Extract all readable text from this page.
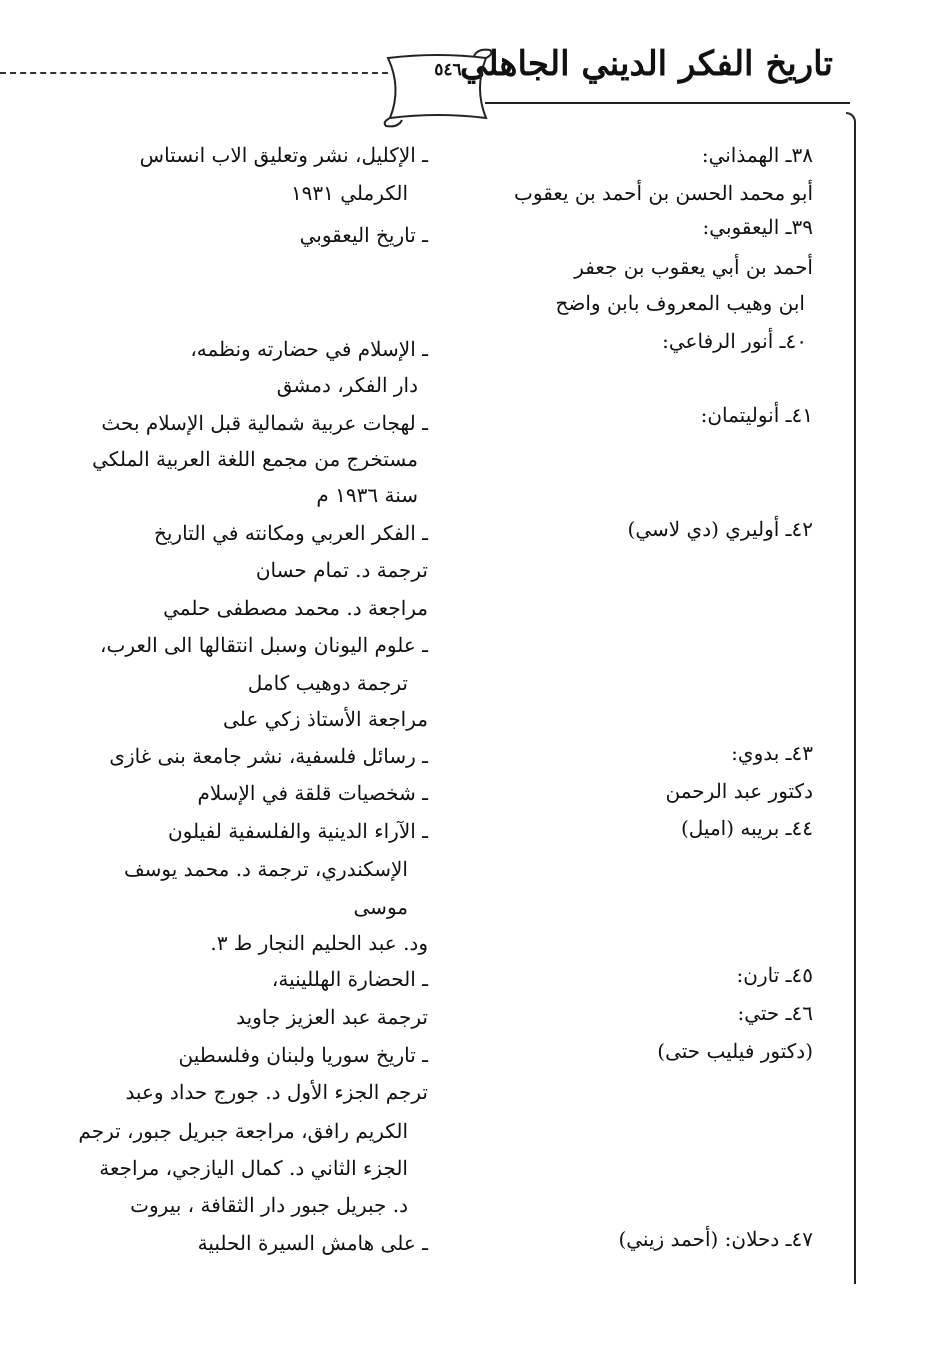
تاريخ الفكر الديني الجاهلي
٥٤٦
٣٨ـ الهمذاني:
أبو محمد الحسن بن أحمد بن يعقوب
ـ الإكليل، نشر وتعليق الاب انستاس
الكرملي ١٩٣١
ـ تاريخ اليعقوبي	٣٩ـ اليعقوبي:
أحمد بن أبي يعقوب بن جعفر
ابن وهيب المعروف بابن واضح
٤٠ـ أنور الرفاعي:
ـ الإسلام في حضارته ونظمه،
دار الفكر، دمشق
٤١ـ أنوليتمان:
ـ لهجات عربية شمالية قبل الإسلام بحث
مستخرج من مجمع اللغة العربية الملكي
سنة ١٩٣٦ م
٤٢ـ أوليري (دي لاسي)
ـ الفكر العربي ومكانته في التاريخ
ترجمة د. تمام حسان
مراجعة د. محمد مصطفى حلمي
ـ علوم اليونان وسبل انتقالها الى العرب،
ترجمة دوهيب كامل
مراجعة الأستاذ زكي على
٤٣ـ بدوي:
دكتور عبد الرحمن
ـ رسائل فلسفية، نشر جامعة بنى غازى
ـ شخصيات قلقة في الإسلام
٤٤ـ بريبه (اميل)
ـ الآراء الدينية والفلسفية لفيلون
الإسكندري، ترجمة د. محمد يوسف
موسى
ود. عبد الحليم النجار ط ٣.
٤٥ـ تارن:
ـ الحضارة الهللينية،
ترجمة عبد العزيز جاويد	٤٦ـ حتي:
(دكتور فيليب حتى)
ـ تاريخ سوريا ولبنان وفلسطين
ترجم الجزء الأول د. جورج حداد وعبد
الكريم رافق، مراجعة جبريل جبور، ترجم
الجزء الثاني د. كمال اليازجي، مراجعة
د. جبريل جبور دار الثقافة ، بيروت
٤٧ـ دحلان: (أحمد زيني)
ـ على هامش السيرة الحلبية
